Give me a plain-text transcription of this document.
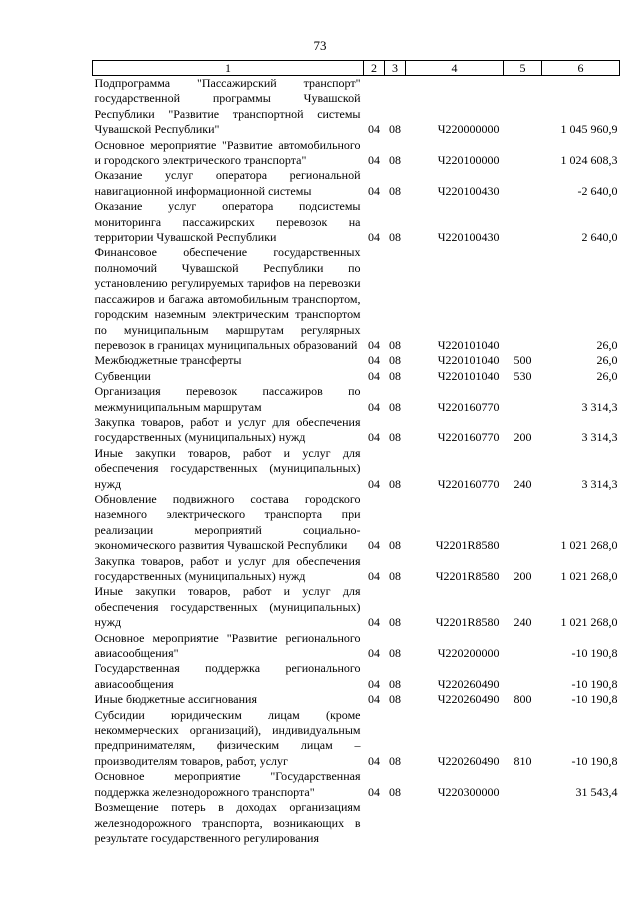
73
1	2	3	4	5	6
Подпрограмма "Пассажирский транспорт" государственной программы Чувашской Республики "Развитие транспортной системы Чувашской Республики"	04	08	Ч220000000		1 045 960,9
Основное мероприятие "Развитие автомобильного и городского электрического транспорта"	04	08	Ч220100000		1 024 608,3
Оказание услуг оператора региональной навигационной информационной системы	04	08	Ч220100430		-2 640,0
Оказание услуг оператора подсистемы мониторинга пассажирских перевозок на территории Чувашской Республики	04	08	Ч220100430		2 640,0
Финансовое обеспечение государственных полномочий Чувашской Республики по установлению регулируемых тарифов на перевозки пассажиров и багажа автомобильным транспортом, городским наземным электрическим транспортом по муниципальным маршрутам регулярных перевозок в границах муниципальных образований	04	08	Ч220101040		26,0
Межбюджетные трансферты	04	08	Ч220101040	500	26,0
Субвенции	04	08	Ч220101040	530	26,0
Организация перевозок пассажиров по межмуниципальным маршрутам	04	08	Ч220160770		3 314,3
Закупка товаров, работ и услуг для обеспечения государственных (муниципальных) нужд	04	08	Ч220160770	200	3 314,3
Иные закупки товаров, работ и услуг для обеспечения государственных (муниципальных) нужд	04	08	Ч220160770	240	3 314,3
Обновление подвижного состава городского наземного электрического транспорта при реализации мероприятий социально-экономического развития Чувашской Республики	04	08	Ч2201R8580		1 021 268,0
Закупка товаров, работ и услуг для обеспечения государственных (муниципальных) нужд	04	08	Ч2201R8580	200	1 021 268,0
Иные закупки товаров, работ и услуг для обеспечения государственных (муниципальных) нужд	04	08	Ч2201R8580	240	1 021 268,0
Основное мероприятие "Развитие регионального авиасообщения"	04	08	Ч220200000		-10 190,8
Государственная поддержка регионального авиасообщения	04	08	Ч220260490		-10 190,8
Иные бюджетные ассигнования	04	08	Ч220260490	800	-10 190,8
Субсидии юридическим лицам (кроме некоммерческих организаций), индивидуальным предпринимателям, физическим лицам – производителям товаров, работ, услуг	04	08	Ч220260490	810	-10 190,8
Основное мероприятие "Государственная поддержка железнодорожного транспорта"	04	08	Ч220300000		31 543,4
Возмещение потерь в доходах организациям железнодорожного транспорта, возникающих в результате государственного регулирования					
